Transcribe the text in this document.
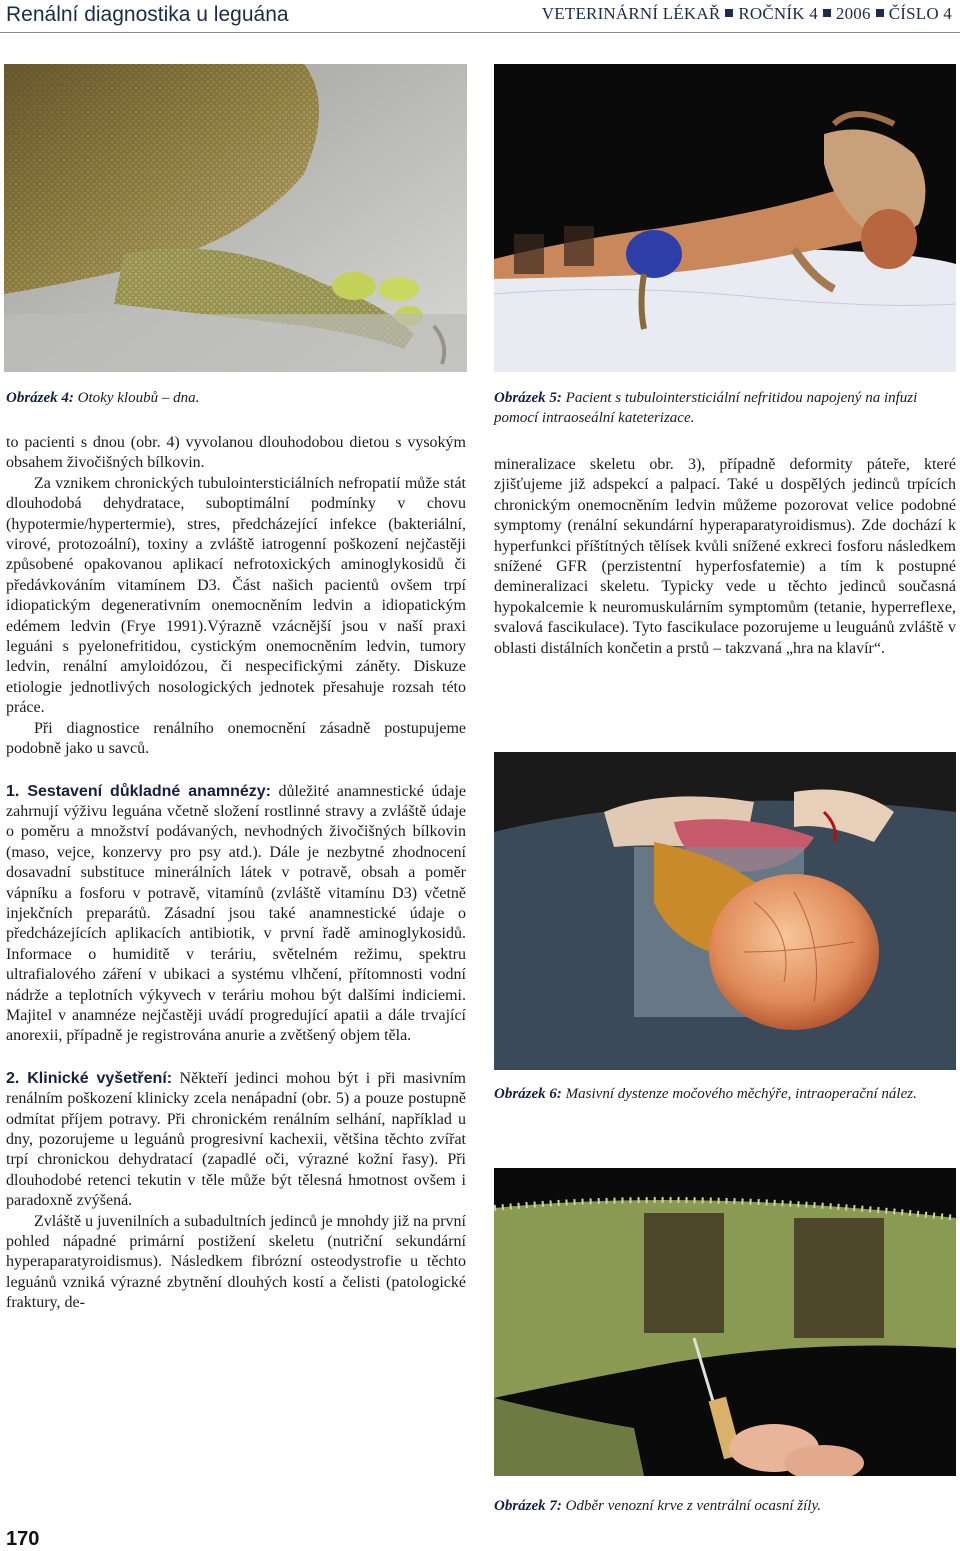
Renální diagnostika u leguána	VETERINÁRNÍ LÉKAŘ ROČNÍK 4 2006 ČÍSLO 4
Obrázek 4: Otoky kloubů – dna.	Obrázek 5: Pacient s tubulointersticiální nefritidou napojený na infuzi pomocí intraoseální kateterizace.

to pacienti s dnou (obr. 4) vyvolanou dlouhodobou dietou s vysokým obsahem živočišných bílkovin.

Za vznikem chronických tubulointersticiálních nefropatií může stát dlouhodobá dehydratace, suboptimální podmínky v chovu (hypotermie/hypertermie), stres, předcházející infekce (bakteriální, virové, protozoální), toxiny a zvláště iatrogenní poškození nejčastěji způsobené opakovanou aplikací nefrotoxických aminoglykosidů či předávkováním vitamínem D3. Část našich pacientů ovšem trpí idiopatickým degenerativním onemocněním ledvin a idiopatickým edémem ledvin (Frye 1991).Výrazně vzácnější jsou v naší praxi leguáni s pyelonefritidou, cystickým onemocněním ledvin, tumory ledvin, renální amyloidózou, či nespecifickými záněty. Diskuze etiologie jednotlivých nosologických jednotek přesahuje rozsah této práce.

Při diagnostice renálního onemocnění zásadně postupujeme podobně jako u savců.

1. Sestavení důkladné anamnézy: důležité anamnestické údaje zahrnují výživu leguána včetně složení rostlinné stravy a zvláště údaje o poměru a množství podávaných, nevhodných živočišných bílkovin (maso, vejce, konzervy pro psy atd.). Dále je nezbytné zhodnocení dosavadní substituce minerálních látek v potravě, obsah a poměr vápníku a fosforu v potravě, vitamínů (zvláště vitamínu D3) včetně injekčních preparátů. Zásadní jsou také anamnestické údaje o předcházejících aplikacích antibiotik, v první řadě aminoglykosidů. Informace o humiditě v teráriu, světelném režimu, spektru ultrafialového záření v ubikaci a systému vlhčení, přítomnosti vodní nádrže a teplotních výkyvech v teráriu mohou být dalšími indiciemi. Majitel v anamnéze nejčastěji uvádí progredující apatii a dále trvající anorexii, případně je registrována anurie a zvětšený objem těla.

2. Klinické vyšetření: Někteří jedinci mohou být i při masivním renálním poškození klinicky zcela nenápadní (obr. 5) a pouze postupně odmítat příjem potravy. Při chronickém renálním selhání, například u dny, pozorujeme u leguánů progresivní kachexii, většina těchto zvířat trpí chronickou dehydratací (zapadlé oči, výrazné kožní řasy). Při dlouhodobé retenci tekutin v těle může být tělesná hmotnost ovšem i paradoxně zvýšená.

Zvláště u juvenilních a subadultních jedinců je mnohdy již na první pohled nápadné primární postižení skeletu (nutriční sekundární hyperaparatyroidismus). Následkem fibrózní osteodystrofie u těchto leguánů vzniká výrazné zbytnění dlouhých kostí a čelisti (patologické fraktury, de-

mineralizace skeletu obr. 3), případně deformity páteře, které zjišťujeme již adspekcí a palpací. Také u dospělých jedinců trpících chronickým onemocněním ledvin můžeme pozorovat velice podobné symptomy (renální sekundární hyperaparatyroidismus). Zde dochází k hyperfunkci příštítných tělísek kvůli snížené exkreci fosforu následkem snížené GFR (perzistentní hyperfosfatemie) a tím k postupné demineralizaci skeletu. Typicky vede u těchto jedinců současná hypokalcemie k neuromuskulárním symptomům (tetanie, hyperreflexe, svalová fascikulace). Tyto fascikulace pozorujeme u leuguánů zvláště v oblasti distálních končetin a prstů – takzvaná „hra na klavír“.

Obrázek 6: Masivní dystenze močového měchýře, intraoperační nález.
Obrázek 7: Odběr venozní krve z ventrální ocasní žíly.
170
